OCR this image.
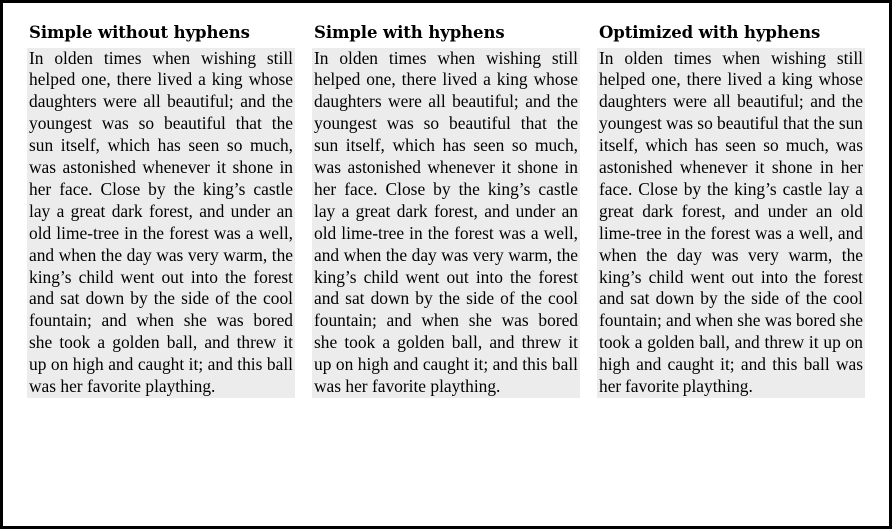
Simple without hyphens

In olden times when wishing still helped one, there lived a king whose daughters were all beautiful; and the youngest was so beautiful that the sun itself, which has seen so much, was astonished whenever it shone in her face. Close by the king’s castle lay a great dark forest, and under an old lime-tree in the forest was a well, and when the day was very warm, the king’s child went out into the forest and sat down by the side of the cool fountain; and when she was bored she took a golden ball, and threw it up on high and caught it; and this ball was her favorite plaything.

Simple with hyphens

In olden times when wishing still helped one, there lived a king whose daughters were all beautiful; and the youngest was so beautiful that the sun itself, which has seen so much, was astonished whenever it shone in her face. Close by the king’s castle lay a great dark forest, and under an old lime-tree in the forest was a well, and when the day was very warm, the king’s child went out into the forest and sat down by the side of the cool fountain; and when she was bored she took a golden ball, and threw it up on high and caught it; and this ball was her favorite plaything.

Optimized with hyphens

In olden times when wishing still helped one, there lived a king whose daughters were all beautiful; and the youngest was so beautiful that the sun itself, which has seen so much, was astonished whenever it shone in her face. Close by the king’s castle lay a great dark forest, and under an old lime-tree in the forest was a well, and when the day was very warm, the king’s child went out into the forest and sat down by the side of the cool fountain; and when she was bored she took a golden ball, and threw it up on high and caught it; and this ball was her favorite plaything.
